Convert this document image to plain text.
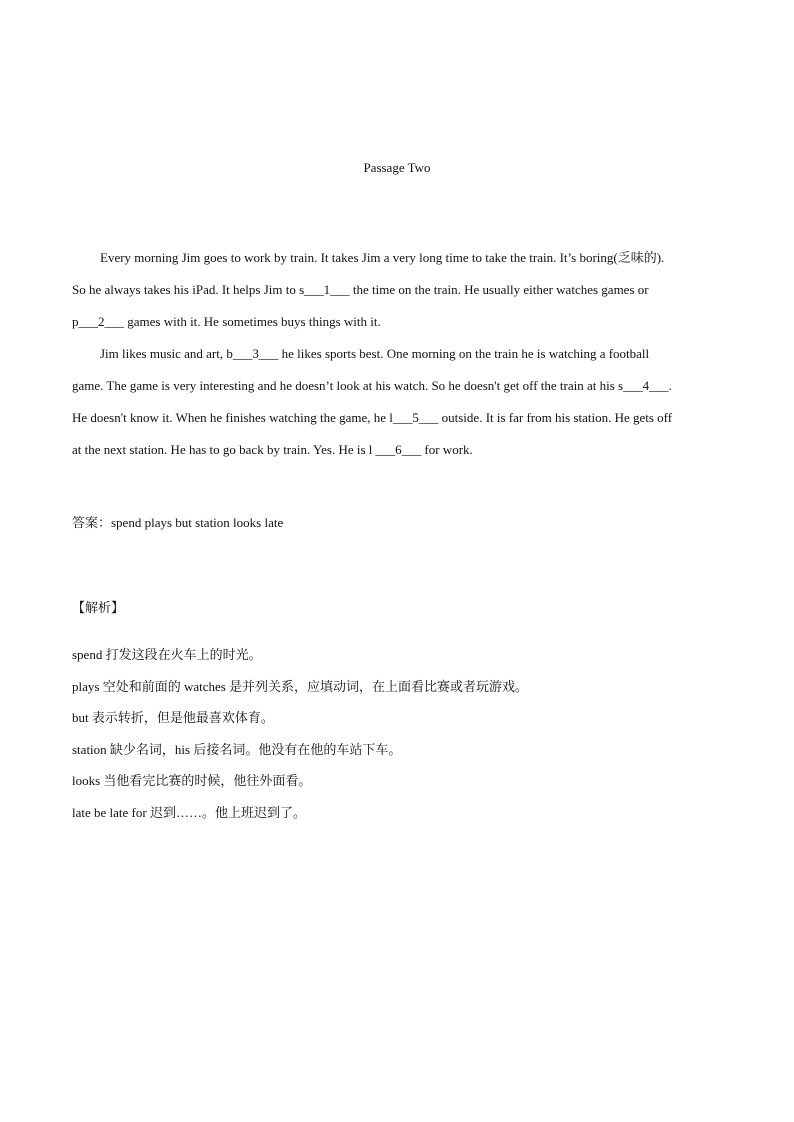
Passage Two
Every morning Jim goes to work by train. It takes Jim a very long time to take the train. It’s boring(乏味的).
So he always takes his iPad. It helps Jim to s___1___ the time on the train. He usually either watches games or
p___2___ games with it. He sometimes buys things with it.
Jim likes music and art, b___3___ he likes sports best. One morning on the train he is watching a football
game. The game is very interesting and he doesn’t look at his watch. So he doesn't get off the train at his s___4___.
He doesn't know it. When he finishes watching the game, he l___5___ outside. It is far from his station. He gets off
at the next station. He has to go back by train. Yes. He is l ___6___ for work.
答案：spend plays but station looks late
【解析】
spend 打发这段在火车上的时光。
plays 空处和前面的 watches 是并列关系，应填动词，在上面看比赛或者玩游戏。
but 表示转折，但是他最喜欢体育。
station 缺少名词，his 后接名词。他没有在他的车站下车。
looks 当他看完比赛的时候，他往外面看。
late be late for 迟到……。他上班迟到了。
